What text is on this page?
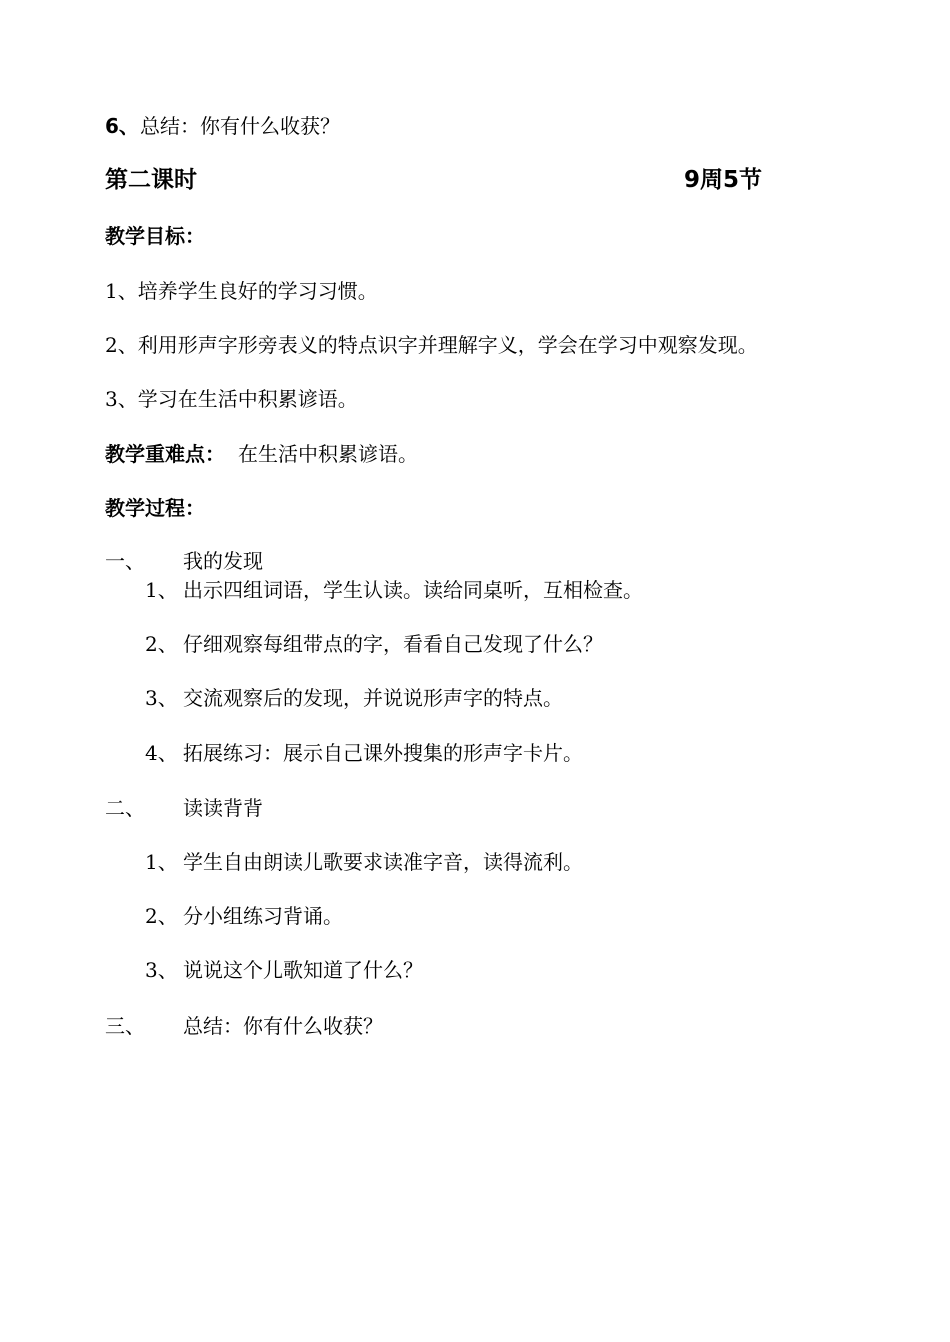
6、 总结：你有什么收获？
第二课时	9周5节
教学目标：
1、培养学生良好的学习习惯。
2、利用形声字形旁表义的特点识字并理解字义，学会在学习中观察发现。
3、学习在生活中积累谚语。
教学重难点： 在生活中积累谚语。
教学过程：
一、 我的发现
1、 出示四组词语，学生认读。读给同桌听，互相检查。
2、 仔细观察每组带点的字，看看自己发现了什么？
3、 交流观察后的发现，并说说形声字的特点。
4、 拓展练习：展示自己课外搜集的形声字卡片。
二、 读读背背
1、 学生自由朗读儿歌要求读准字音，读得流利。
2、 分小组练习背诵。
3、 说说这个儿歌知道了什么？
三、 总结：你有什么收获？
